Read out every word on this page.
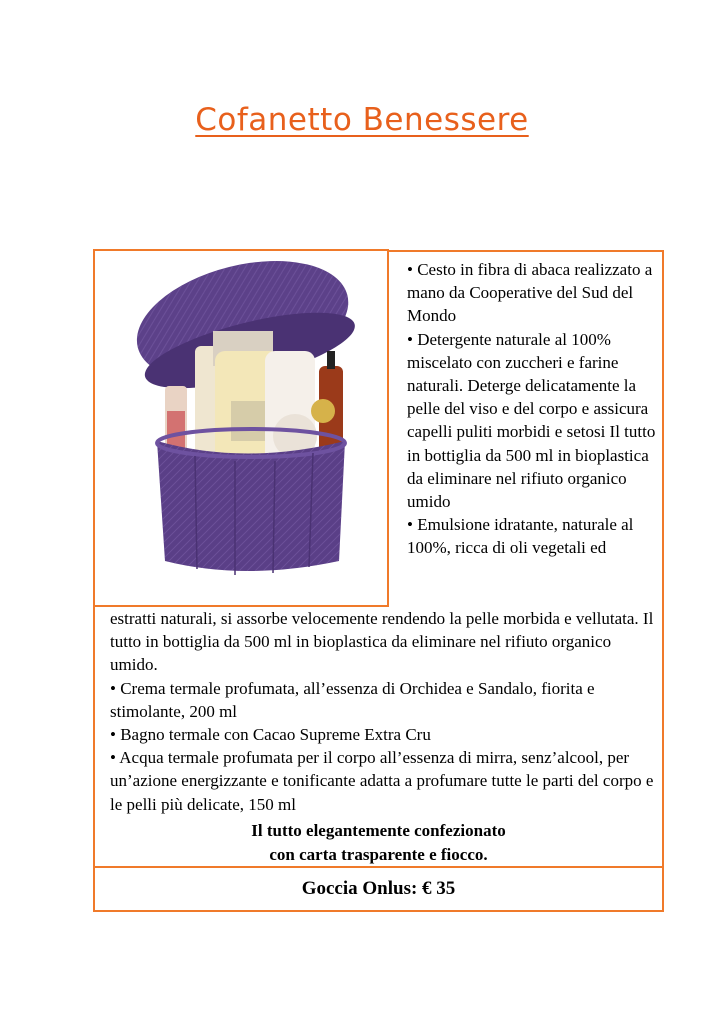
Cofanetto Benessere

• Cesto in fibra di abaca realizzato a mano da Cooperative del Sud del Mondo

• Detergente naturale al 100% miscelato con zuccheri e farine naturali. Deterge delicatamente la pelle del viso e del corpo e assicura capelli puliti morbidi e setosi Il tutto in bottiglia da 500 ml in bioplastica da eliminare nel rifiuto organico umido

• Emulsione idratante, naturale al 100%, ricca di oli vegetali ed

estratti naturali, si assorbe velocemente rendendo la pelle morbida e vellutata. Il tutto in bottiglia da 500 ml in bioplastica da eliminare nel rifiuto organico umido.

• Crema termale profumata, all’essenza di Orchidea e Sandalo, fiorita e stimolante, 200 ml

• Bagno termale con Cacao Supreme Extra Cru

• Acqua termale profumata per il corpo all’essenza di mirra, senz’alcool, per un’azione energizzante e tonificante adatta a profumare tutte le parti del corpo e le pelli più delicate, 150 ml

Il tutto elegantemente confezionato
con carta trasparente e fiocco.
Goccia Onlus: € 35
